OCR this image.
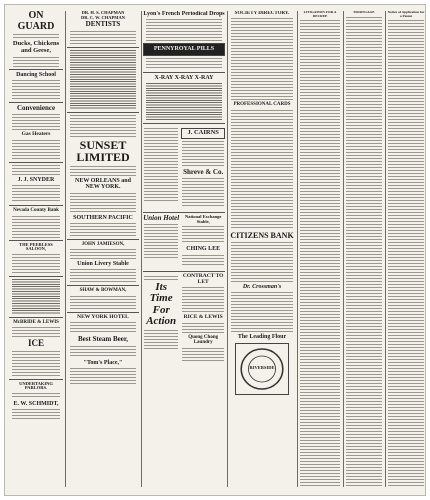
ON GUARD
Ducks, Chickens and Geese,
Dancing School
Convenience
Gas Heaters
J. J. SNYDER
Nevada County Bank
THE PEERLESS SALOON,
McBRIDE & LEWIS
ICE
UNDERTAKING PARLORS.
E. W. SCHMIDT,
DR. H. S. CHAPMAN
DR. C. W. CHAPMAN
DENTISTS
SUNSET
LIMITED
NEW ORLEANS and
NEW YORK.
SOUTHERN PACIFIC
JOHN JAMIESON,
Union Livery Stable
SHAW & BOWMAN,
NEW YORK HOTEL
Best Steam Beer,
"Tom's Place,"
Lyon's French Periodical Drops
PENNYROYAL PILLS
X-RAY X-RAY X-RAY
J. CAIRNS
Shreve & Co.
Union Hotel	National Exchange Stable,
CHING LEE
Its Time
For
Action
CONTRACT TO LET
RICE & LEWIS
Quong Chong Laundry
SOCIETY DIRECTORY.
PROFESSIONAL CARDS
CITIZENS BANK
Dr. Crossman's
The Leading Flour
RIVERSIDE
LITIGATION FOR A DECREE
MORTGAGE	Notice of Application for a Patent
